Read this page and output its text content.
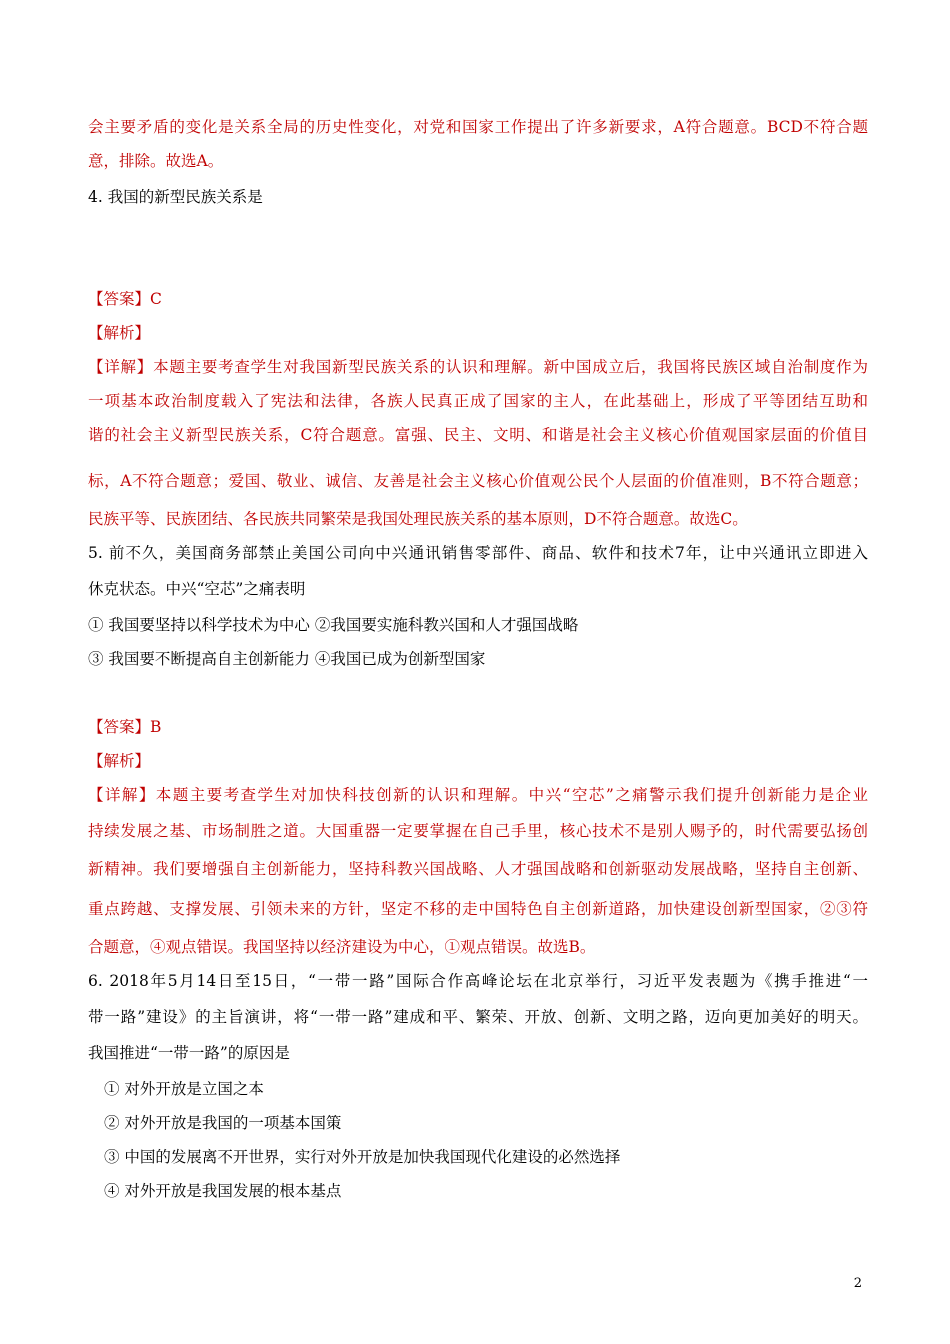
会主要矛盾的变化是关系全局的历史性变化，对党和国家工作提出了许多新要求，A符合题意。BCD不符合题
意，排除。故选A。
4. 我国的新型民族关系是
【答案】C
【解析】
【详解】本题主要考查学生对我国新型民族关系的认识和理解。新中国成立后，我国将民族区域自治制度作为
一项基本政治制度载入了宪法和法律，各族人民真正成了国家的主人，在此基础上，形成了平等团结互助和
谐的社会主义新型民族关系，C符合题意。富强、民主、文明、和谐是社会主义核心价值观国家层面的价值目
标，A不符合题意；爱国、敬业、诚信、友善是社会主义核心价值观公民个人层面的价值准则，B不符合题意；
民族平等、民族团结、各民族共同繁荣是我国处理民族关系的基本原则，D不符合题意。故选C。
5. 前不久，美国商务部禁止美国公司向中兴通讯销售零部件、商品、软件和技术7年，让中兴通讯立即进入
休克状态。中兴“空芯”之痛表明
① 我国要坚持以科学技术为中心 ②我国要实施科教兴国和人才强国战略
③ 我国要不断提高自主创新能力 ④我国已成为创新型国家
【答案】B
【解析】
【详解】本题主要考查学生对加快科技创新的认识和理解。中兴“空芯”之痛警示我们提升创新能力是企业
持续发展之基、市场制胜之道。大国重器一定要掌握在自己手里，核心技术不是别人赐予的，时代需要弘扬创
新精神。我们要增强自主创新能力，坚持科教兴国战略、人才强国战略和创新驱动发展战略，坚持自主创新、
重点跨越、支撑发展、引领未来的方针，坚定不移的走中国特色自主创新道路，加快建设创新型国家，②③符
合题意，④观点错误。我国坚持以经济建设为中心，①观点错误。故选B。
6. 2018年5月14日至15日，“一带一路”国际合作高峰论坛在北京举行，习近平发表题为《携手推进“一
带一路”建设》的主旨演讲，将“一带一路”建成和平、繁荣、开放、创新、文明之路，迈向更加美好的明天。
我国推进“一带一路”的原因是
① 对外开放是立国之本
② 对外开放是我国的一项基本国策
③ 中国的发展离不开世界，实行对外开放是加快我国现代化建设的必然选择
④ 对外开放是我国发展的根本基点
2
